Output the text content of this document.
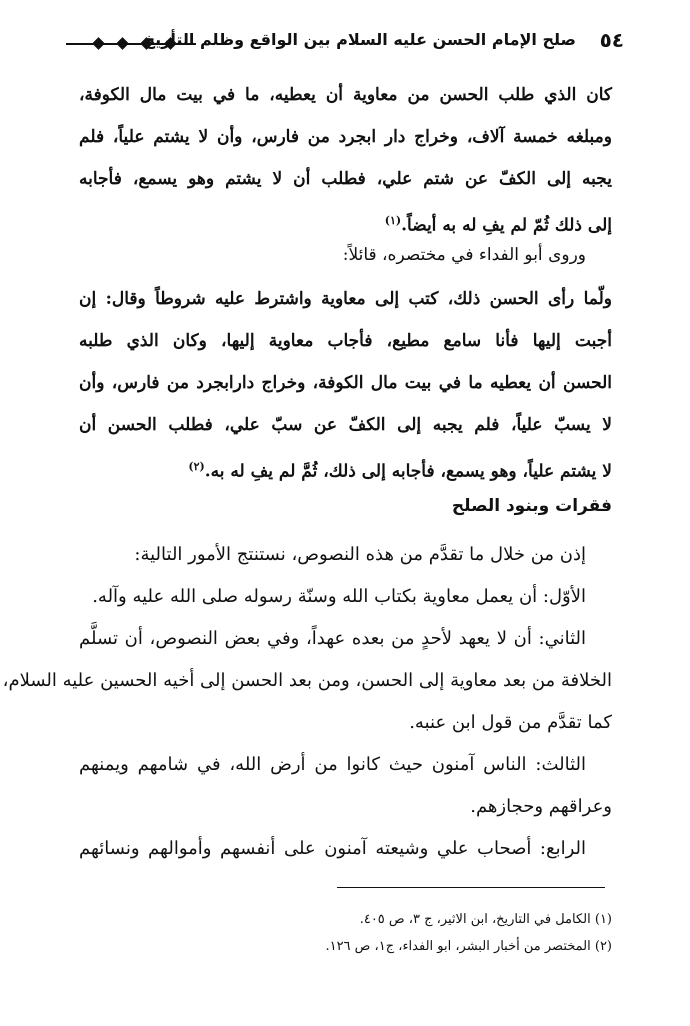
صلح الإمام الحسن عليه السلام بين الواقع وظلم التأريخ ٥٤
كان الذي طلب الحسن من معاوية أن يعطيه، ما في بيت مال الكوفة،
ومبلغه خمسة آلاف، وخراج دار ابجرد من فارس، وأن لا يشتم علياً، فلم
يجبه إلى الكفّ عن شتم علي، فطلب أن لا يشتم وهو يسمع، فأجابه
إلى ذلك ثُمّ لم يفِ له به أيضاً.$^{(١)}$
وروى أبو الفداء في مختصره، قائلاً:
ولّما رأى الحسن ذلك، كتب إلى معاوية واشترط عليه شروطاً وقال: إن
أجبت إليها فأنا سامع مطيع، فأجاب معاوية إليها، وكان الذي طلبه
الحسن أن يعطيه ما في بيت مال الكوفة، وخراج دارابجرد من فارس، وأن
لا يسبّ علياً، فلم يجبه إلى الكفّ عن سبّ علي، فطلب الحسن أن
لا يشتم علياً، وهو يسمع، فأجابه إلى ذلك، ثُمَّ لم يفِ له به.$^{(٢)}$
فقرات وبنود الصلح
إذن من خلال ما تقدَّم من هذه النصوص، نستنتج الأمور التالية:
الأوّل: أن يعمل معاوية بكتاب الله وسنّة رسوله صلى الله عليه وآله.
الثاني: أن لا يعهد لأحدٍ من بعده عهداً، وفي بعض النصوص، أن تسلَّم
الخلافة من بعد معاوية إلى الحسن، ومن بعد الحسن إلى أخيه الحسين عليه السلام،
كما تقدَّم من قول ابن عنبه.
الثالث: الناس آمنون حيث كانوا من أرض الله، في شامهم ويمنهم
وعراقهم وحجازهم.
الرابع: أصحاب علي وشيعته آمنون على أنفسهم وأموالهم ونسائهم
(١) الكامل في التاريخ، ابن الاثير، ج ٣، ص ٤٠٥.
(٢) المختصر من أخبار البشر، ابو الفداء، ج١، ص ١٢٦.
